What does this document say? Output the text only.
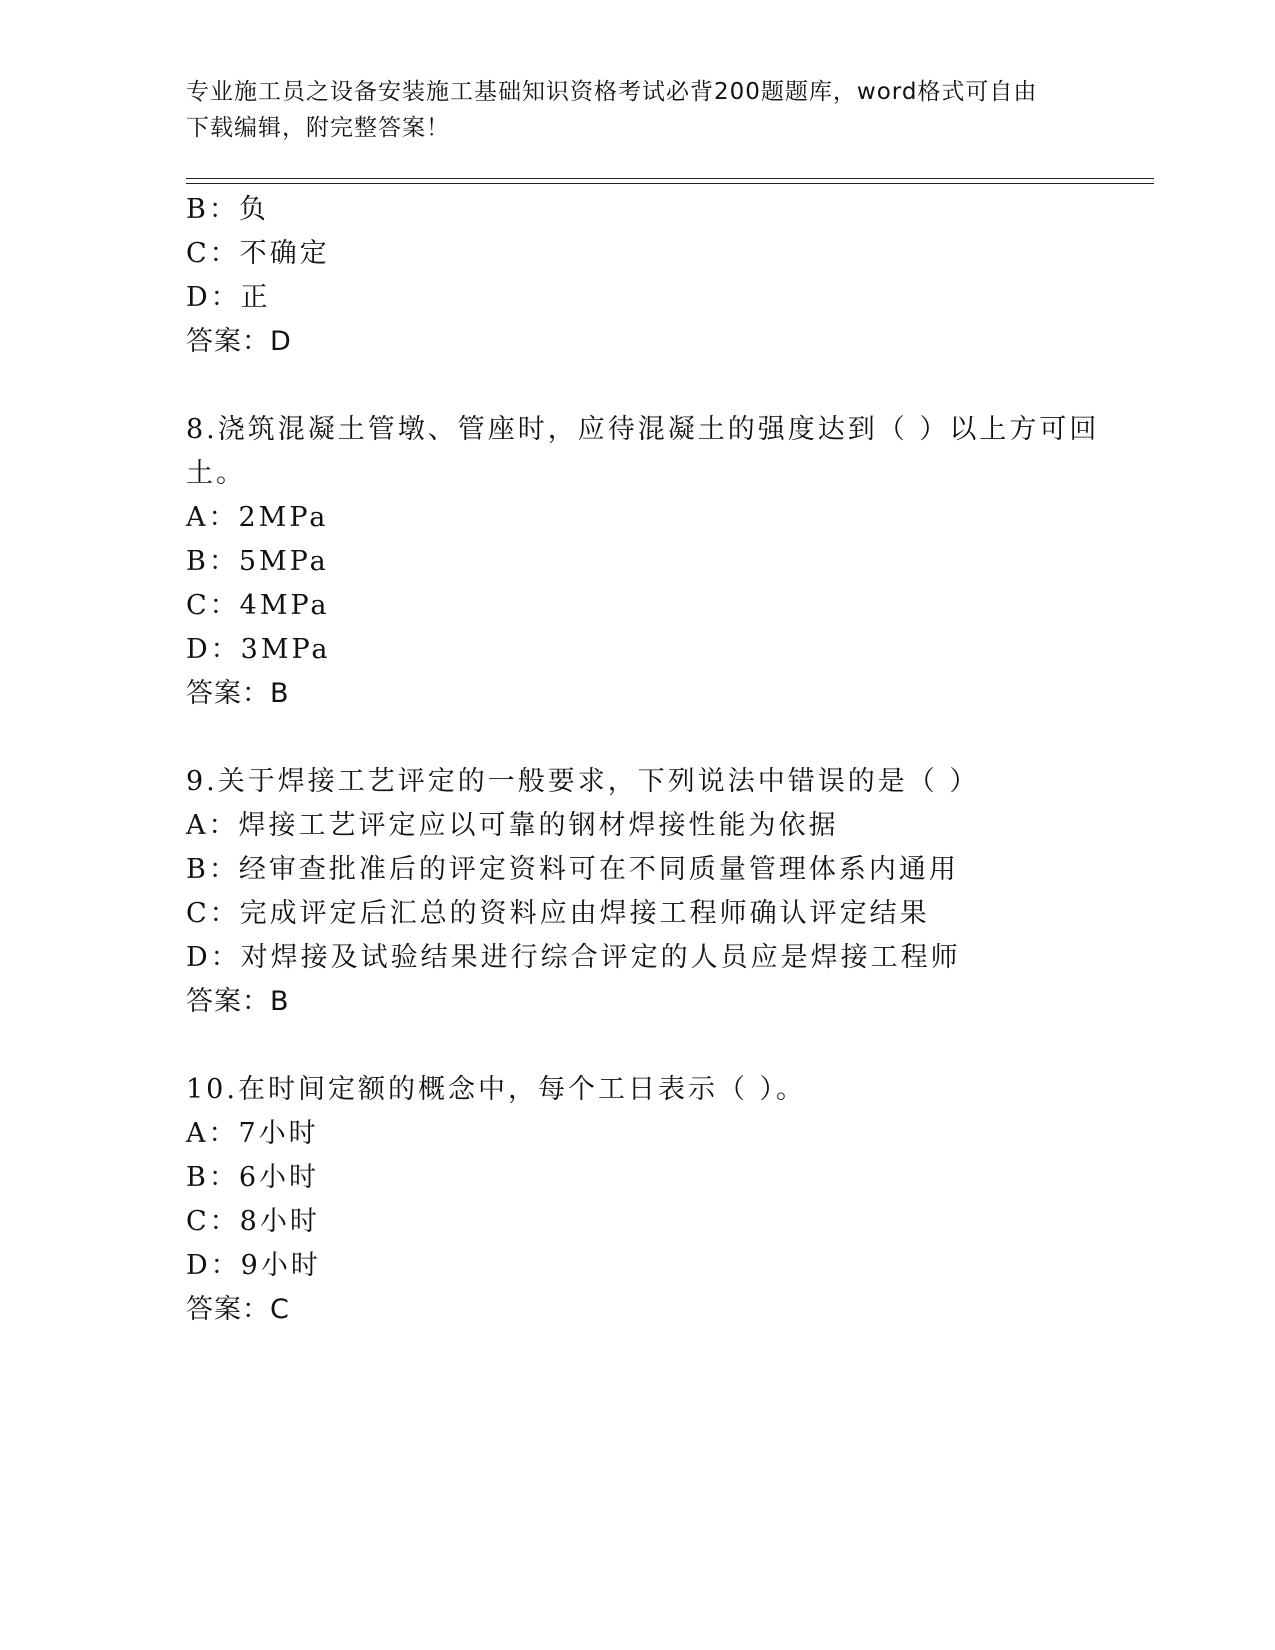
专业施工员之设备安装施工基础知识资格考试必背200题题库，word格式可自由
下载编辑，附完整答案！
B：负
C：不确定
D：正
答案：D
8.浇筑混凝土管墩、管座时，应待混凝土的强度达到（ ）以上方可回
土。
A：2MPa
B：5MPa
C：4MPa
D：3MPa
答案：B
9.关于焊接工艺评定的一般要求，下列说法中错误的是（ ）
A：焊接工艺评定应以可靠的钢材焊接性能为依据
B：经审查批准后的评定资料可在不同质量管理体系内通用
C：完成评定后汇总的资料应由焊接工程师确认评定结果
D：对焊接及试验结果进行综合评定的人员应是焊接工程师
答案：B
10.在时间定额的概念中，每个工日表示（ ）。
A：7小时
B：6小时
C：8小时
D：9小时
答案：C
